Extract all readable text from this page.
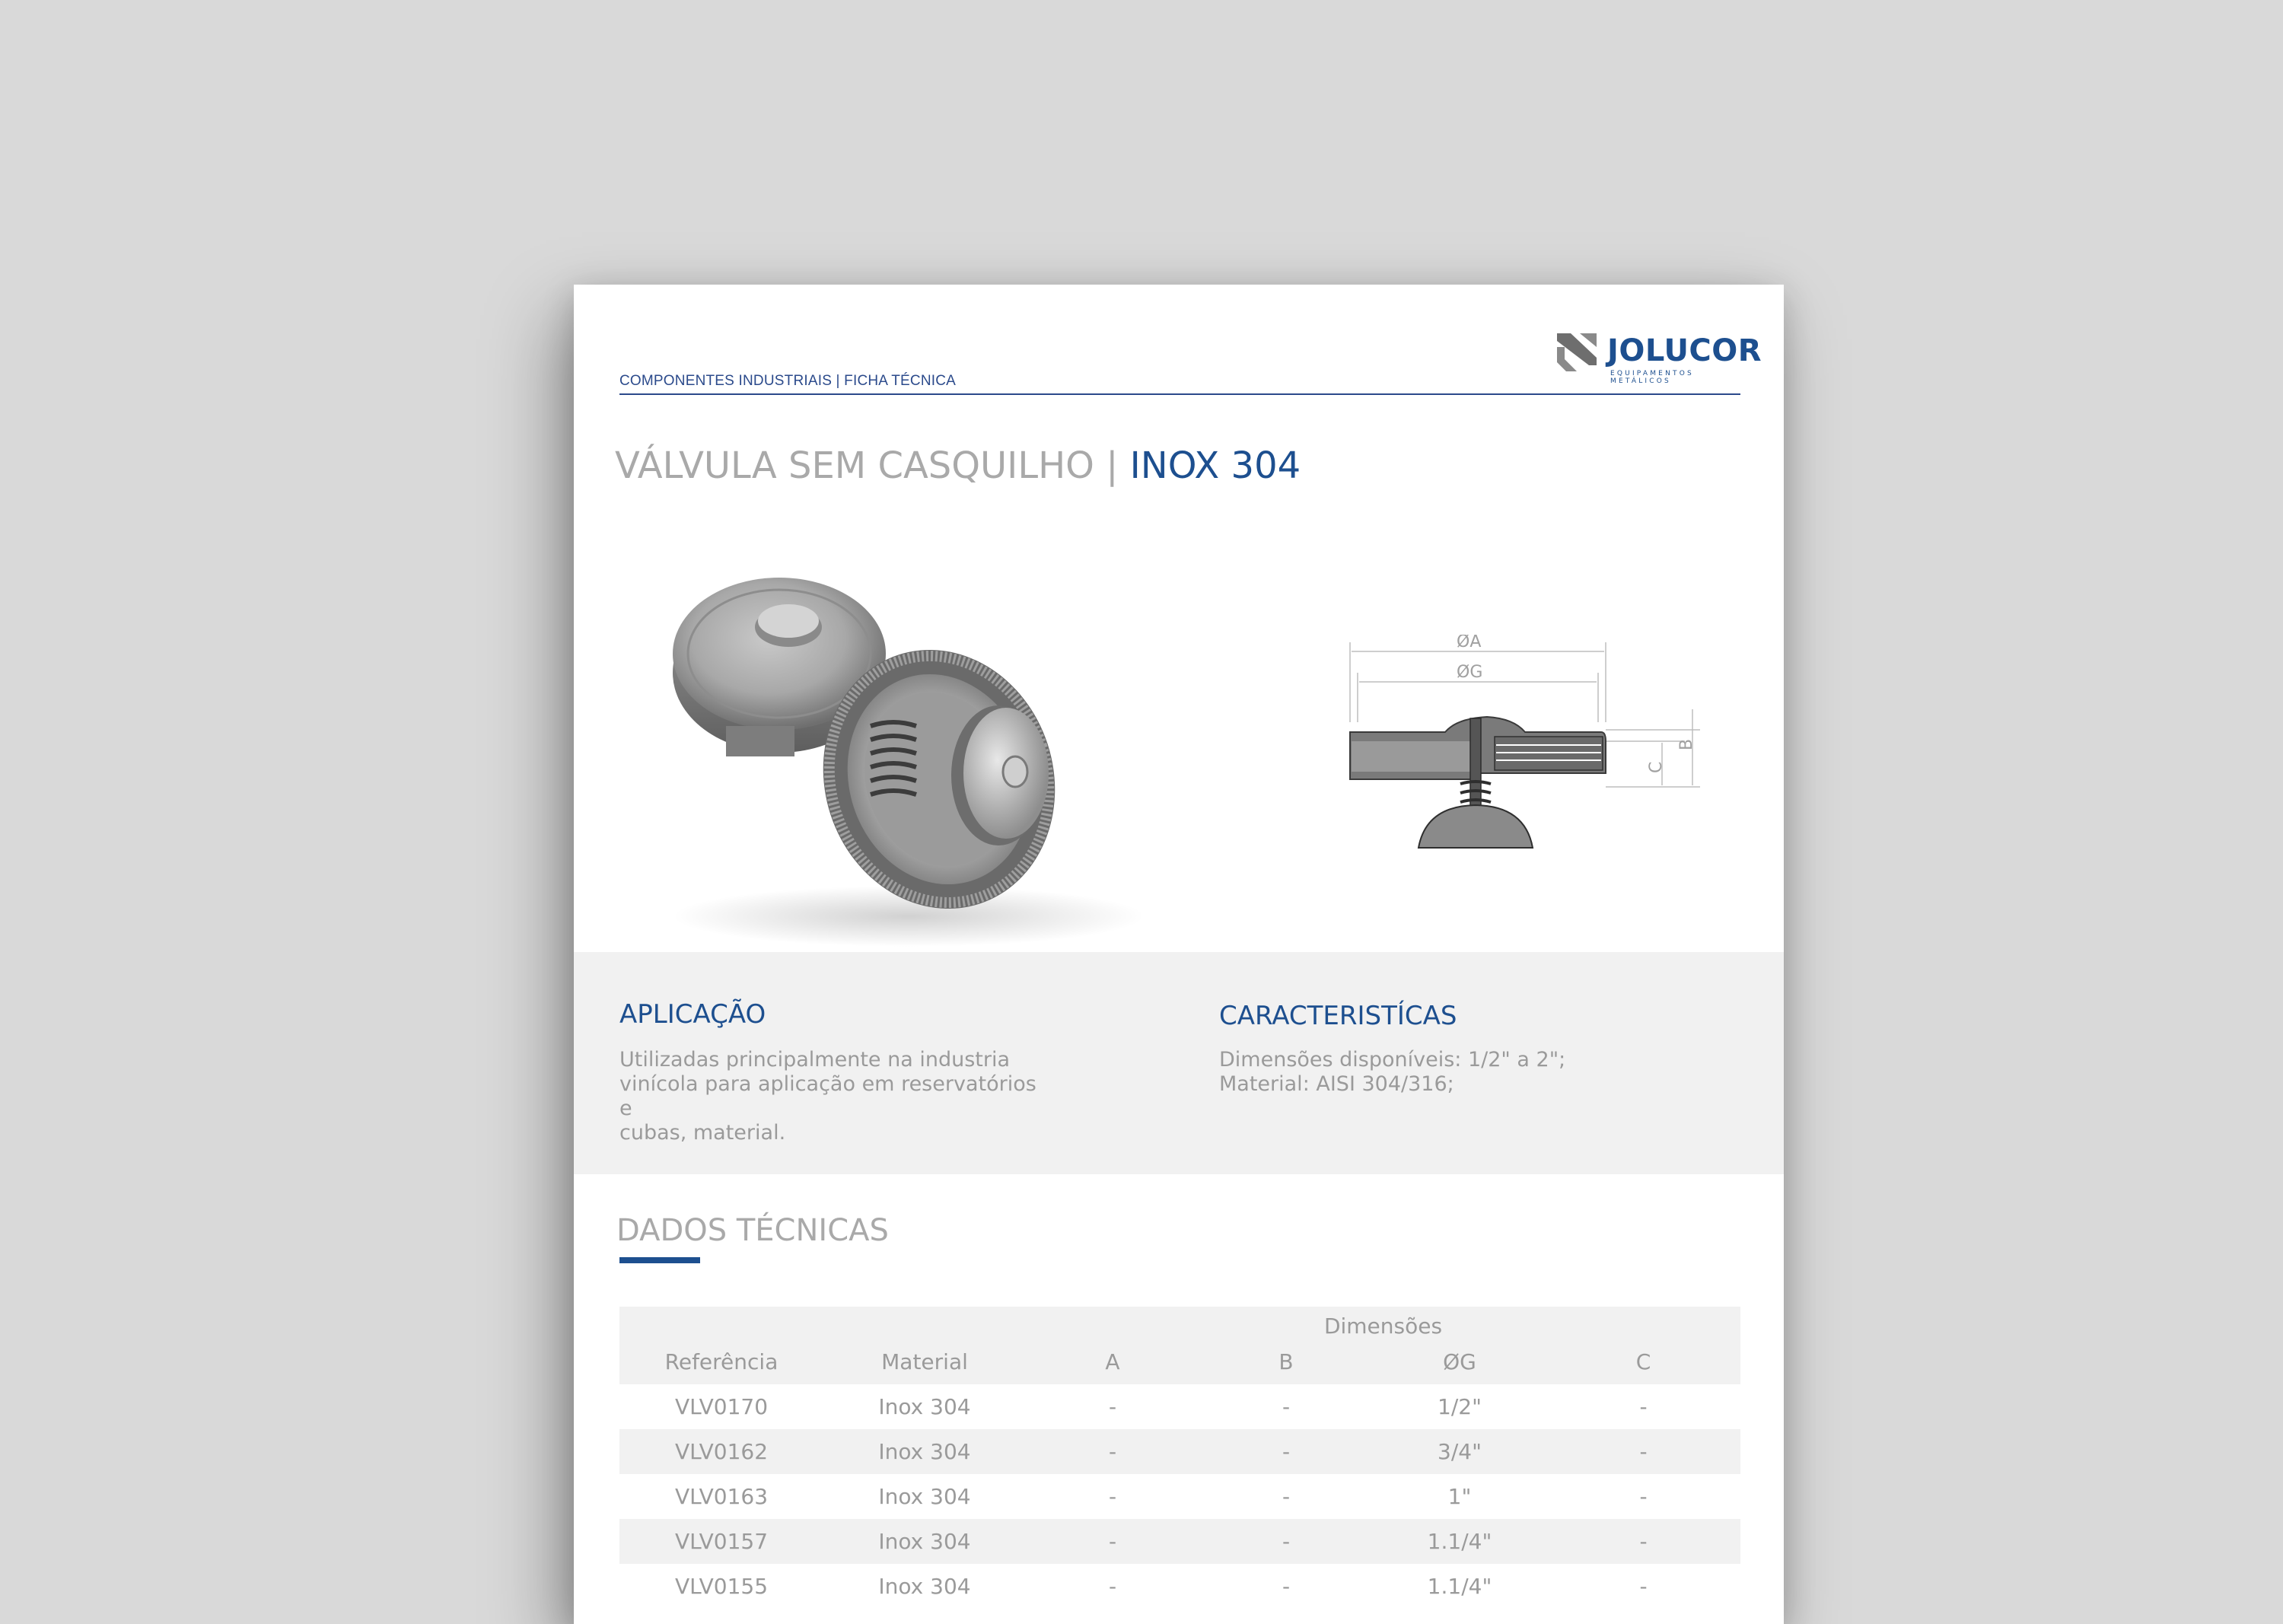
COMPONENTES INDUSTRIAIS | FICHA TÉCNICA
JOLUCOR
EQUIPAMENTOS METÁLICOS
VÁLVULA SEM CASQUILHO | INOX 304
ØA
ØG
C
B
APLICAÇÃO
Utilizadas principalmente na industria
vinícola para aplicação em reservatórios e
cubas, material.
CARACTERISTÍCAS
Dimensões disponíveis: 1/2" a 2";
Material: AISI 304/316;
DADOS TÉCNICAS
		Dimensões			
Referência	Material	A	B	ØG	C
VLV0170	Inox 304	-	-	1/2"	-
VLV0162	Inox 304	-	-	3/4"	-
VLV0163	Inox 304	-	-	1"	-
VLV0157	Inox 304	-	-	1.1/4"	-
VLV0155	Inox 304	-	-	1.1/4"	-
